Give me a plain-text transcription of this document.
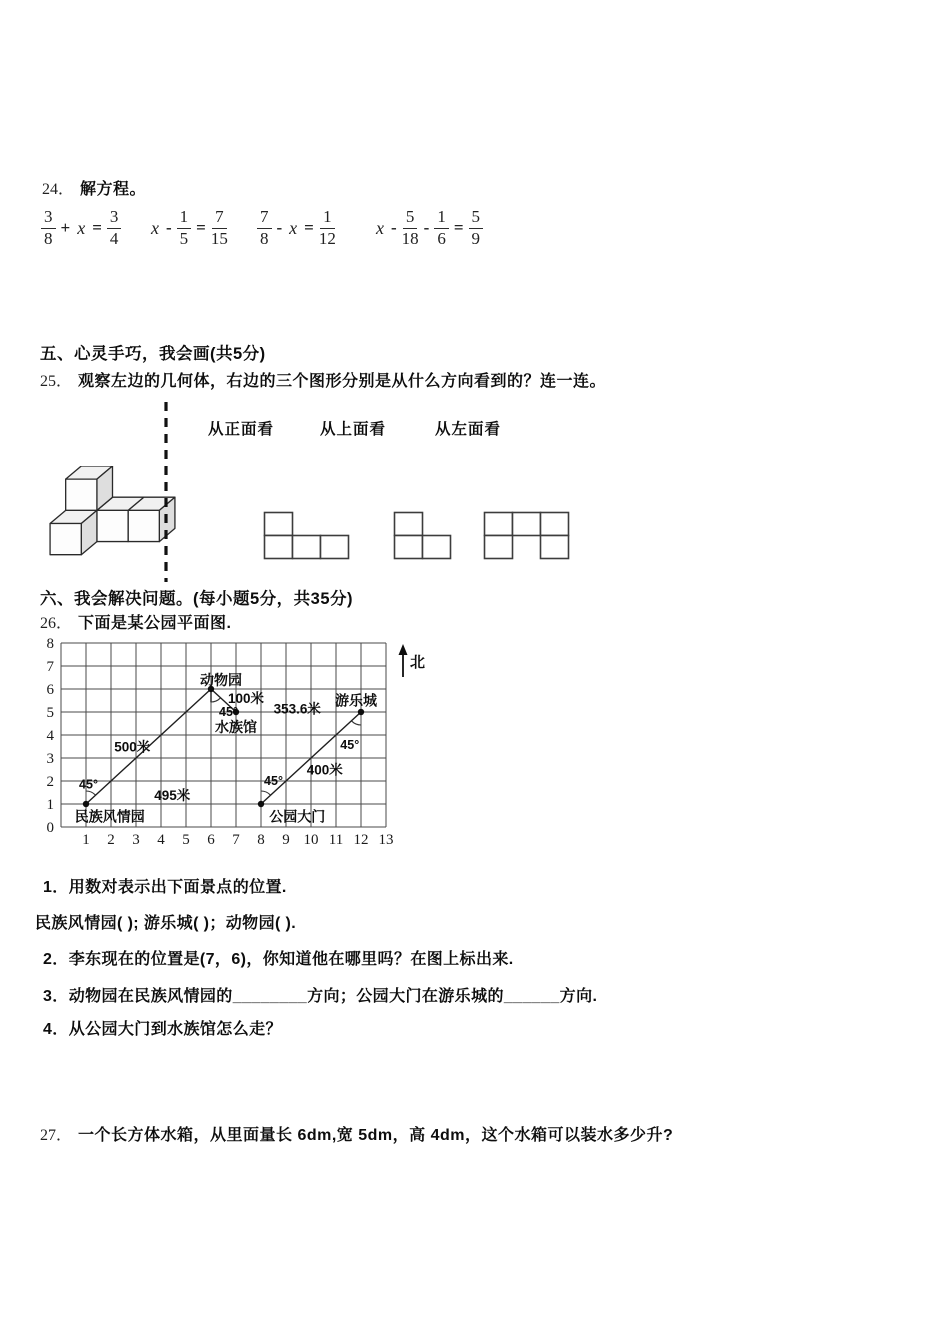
24． 解方程。
$\frac{3}{8} + x = \frac{3}{4}$ $x - \frac{1}{5} = \frac{7}{15} \frac{7}{8} - x = \frac{1}{12}$ $x - \frac{5}{18} - \frac{1}{6} = \frac{5}{9}$
五、心灵手巧，我会画(共5分)
25． 观察左边的几何体，右边的三个图形分别是从什么方向看到的？连一连。
从正面看	从上面看	从左面看
六、我会解决问题。(每小题5分，共35分)
26． 下面是某公园平面图.
0
1
2
3
4
5
6
7
8
1 2 3 4 5 6 7 8 9 10 11 12 13
动物园
100米
45°
水族馆
353.6米
游乐城
45°
400米
45°
500米
45°
495米
民族风情园	公园大门
北
1．用数对表示出下面景点的位置.
民族风情园( ); 游乐城( )；动物园( ).
2．李东现在的位置是(7，6)，你知道他在哪里吗？在图上标出来.
3．动物园在民族风情园的________方向；公园大门在游乐城的______方向.
4．从公园大门到水族馆怎么走？
27． 一个长方体水箱，从里面量长 6dm,宽 5dm，高 4dm，这个水箱可以装水多少升?
